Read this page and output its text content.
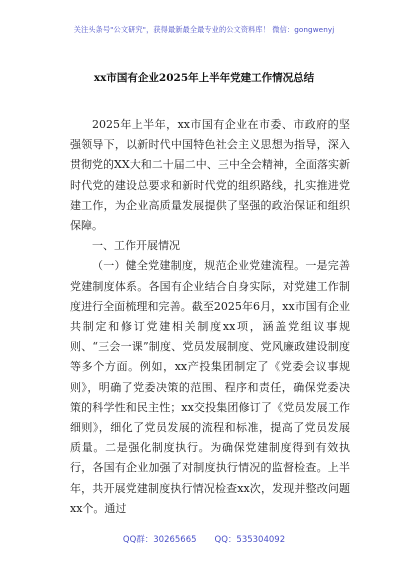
关注头条号"公文研究"，获得最新最全最专业的公文资料库！ 微信：gongwenyj
xx市国有企业2025年上半年党建工作情况总结

2025年上半年，xx市国有企业在市委、市政府的坚强领导下，以新时代中国特色社会主义思想为指导，深入贯彻党的XX大和二十届二中、三中全会精神，全面落实新时代党的建设总要求和新时代党的组织路线，扎实推进党建工作，为企业高质量发展提供了坚强的政治保证和组织保障。

一、工作开展情况

（一）健全党建制度，规范企业党建流程。一是完善党建制度体系。各国有企业结合自身实际，对党建工作制度进行全面梳理和完善。截至2025年6月，xx市国有企业共制定和修订党建相关制度xx项，涵盖党组议事规则、“三会一课”制度、党员发展制度、党风廉政建设制度等多个方面。例如，xx产投集团制定了《党委会议事规则》，明确了党委决策的范围、程序和责任，确保党委决策的科学性和民主性；xx交投集团修订了《党员发展工作细则》，细化了党员发展的流程和标准，提高了党员发展质量。二是强化制度执行。为确保党建制度得到有效执行，各国有企业加强了对制度执行情况的监督检查。上半年，共开展党建制度执行情况检查xx次，发现并整改问题xx个。通过

QQ群：30265665 QQ：535304092
